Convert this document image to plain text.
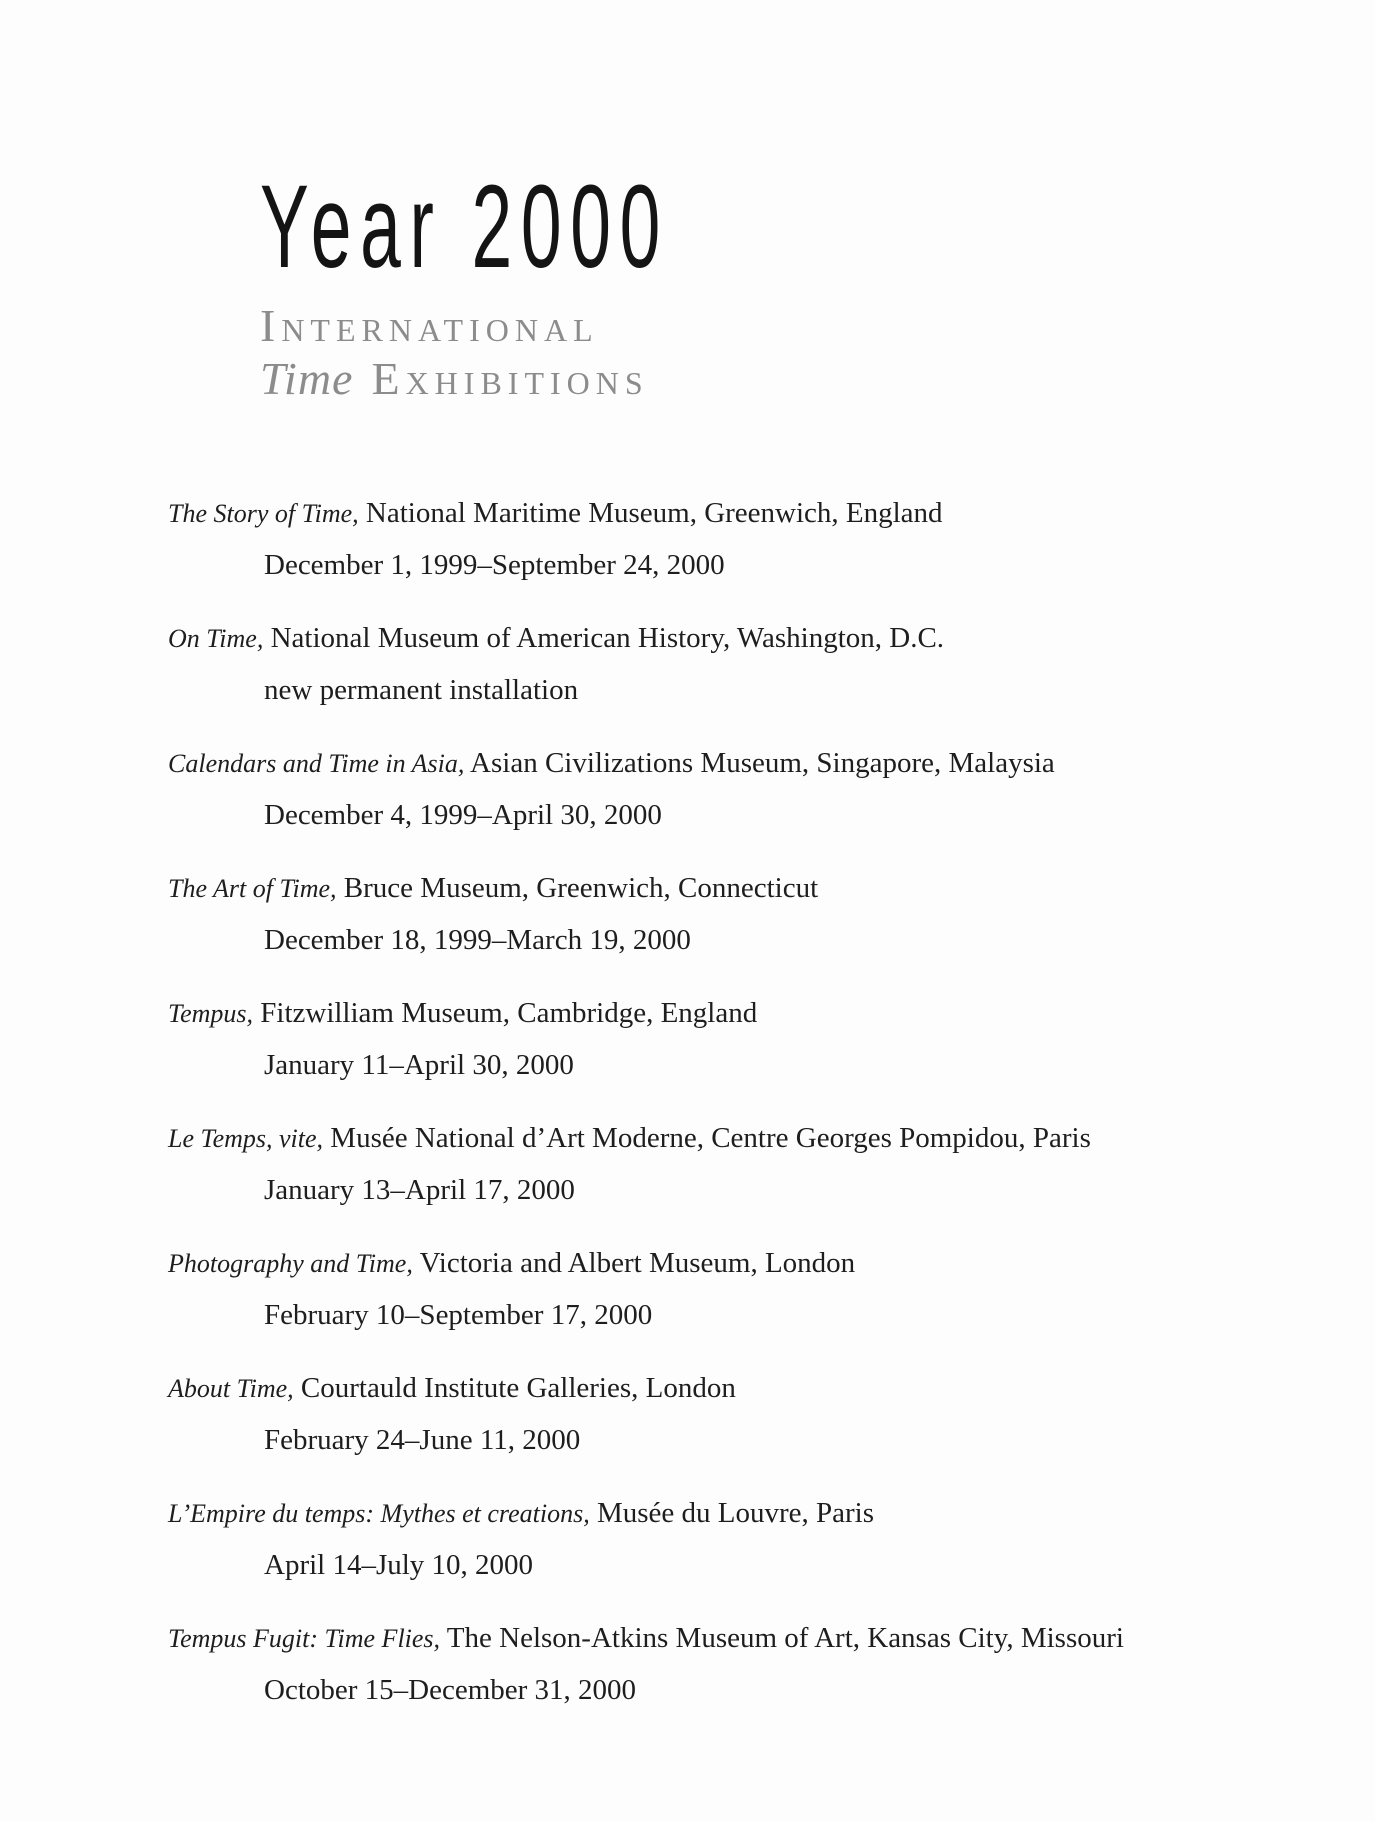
Year 2000
International
Time Exhibitions
The Story of Time, National Maritime Museum, Greenwich, England
December 1, 1999–September 24, 2000
On Time, National Museum of American History, Washington, D.C.
new permanent installation
Calendars and Time in Asia, Asian Civilizations Museum, Singapore, Malaysia
December 4, 1999–April 30, 2000
The Art of Time, Bruce Museum, Greenwich, Connecticut
December 18, 1999–March 19, 2000
Tempus, Fitzwilliam Museum, Cambridge, England
January 11–April 30, 2000
Le Temps, vite, Musée National d’Art Moderne, Centre Georges Pompidou, Paris
January 13–April 17, 2000
Photography and Time, Victoria and Albert Museum, London
February 10–September 17, 2000
About Time, Courtauld Institute Galleries, London
February 24–June 11, 2000
L’Empire du temps: Mythes et creations, Musée du Louvre, Paris
April 14–July 10, 2000
Tempus Fugit: Time Flies, The Nelson-Atkins Museum of Art, Kansas City, Missouri
October 15–December 31, 2000
